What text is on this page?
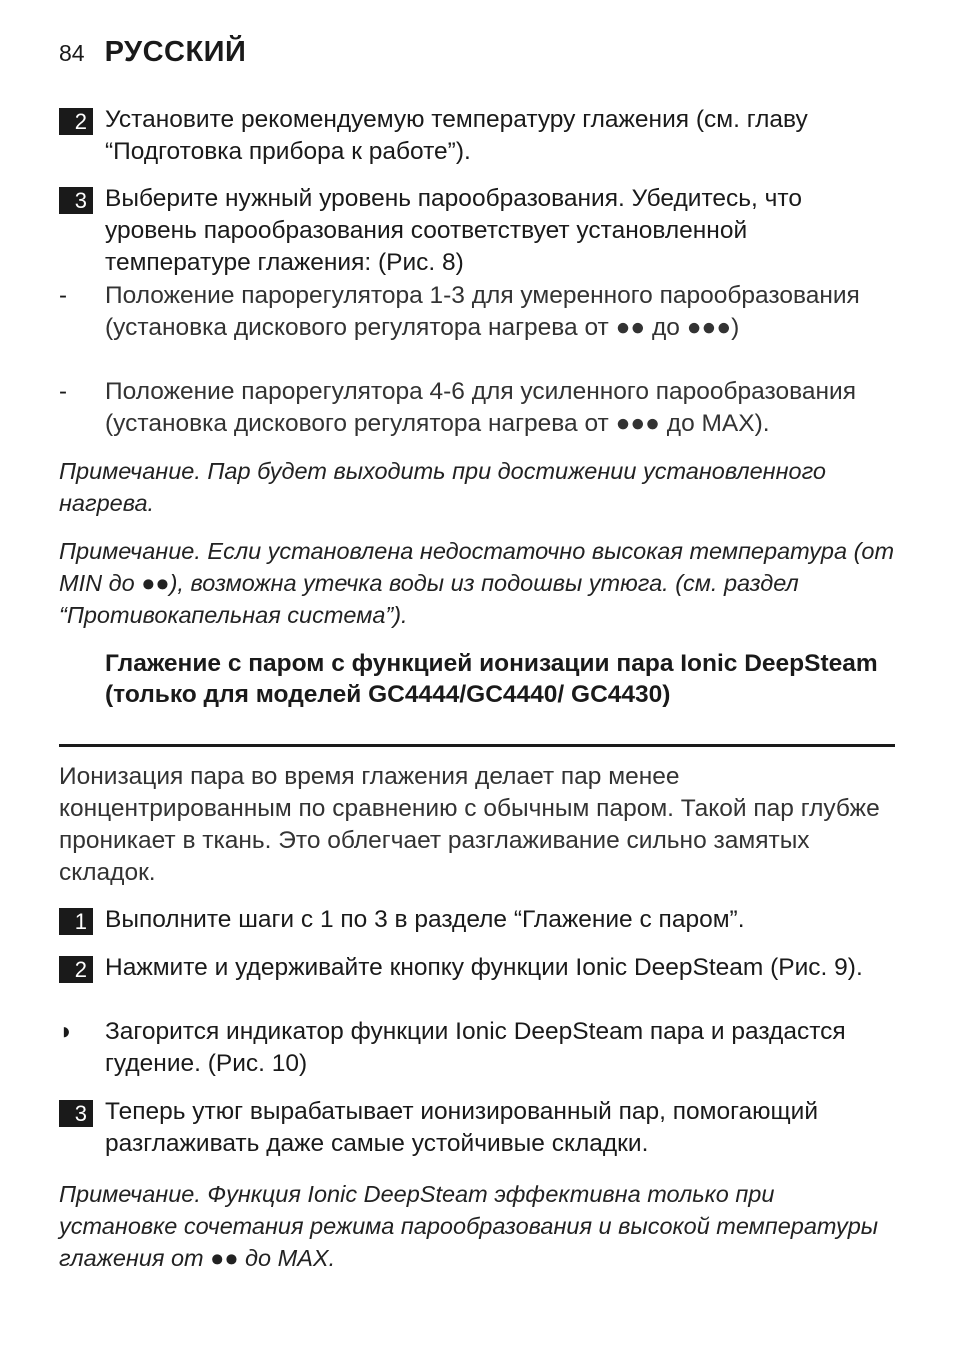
84 РУССКИЙ
2 Установите рекомендуемую температуру глажения (см. главу “Подготовка прибора к работе”).
3 Выберите нужный уровень парообразования. Убедитесь, что уровень парообразования соответствует установленной температуре глажения: (Рис. 8)
-	Положение парорегулятора 1-3 для умеренного парообразования (установка дискового регулятора нагрева от ●● до ●●●)
-	Положение парорегулятора 4-6 для усиленного парообразования (установка дискового регулятора нагрева от ●●● до MAX).
Примечание. Пар будет выходить при достижении установленного нагрева.
Примечание. Если установлена недостаточно высокая температура (от MIN до ●●), возможна утечка воды из подошвы утюга. (см. раздел “Противокапельная система”).
Глажение с паром с функцией ионизации пара Ionic DeepSteam (только для моделей GC4444/GC4440/ GC4430)
Ионизация пара во время глажения делает пар менее концентрированным по сравнению с обычным паром. Такой пар глубже проникает в ткань. Это облегчает разглаживание сильно замятых складок.
1 Выполните шаги с 1 по 3 в разделе “Глажение с паром”.
2 Нажмите и удерживайте кнопку функции Ionic DeepSteam (Рис. 9).
◗	Загорится индикатор функции Ionic DeepSteam пара и раздастся гудение. (Рис. 10)
3 Теперь утюг вырабатывает ионизированный пар, помогающий разглаживать даже самые устойчивые складки.
Примечание. Функция Ionic DeepSteam эффективна только при установке сочетания режима парообразования и высокой температуры глажения от ●● до MAX.
